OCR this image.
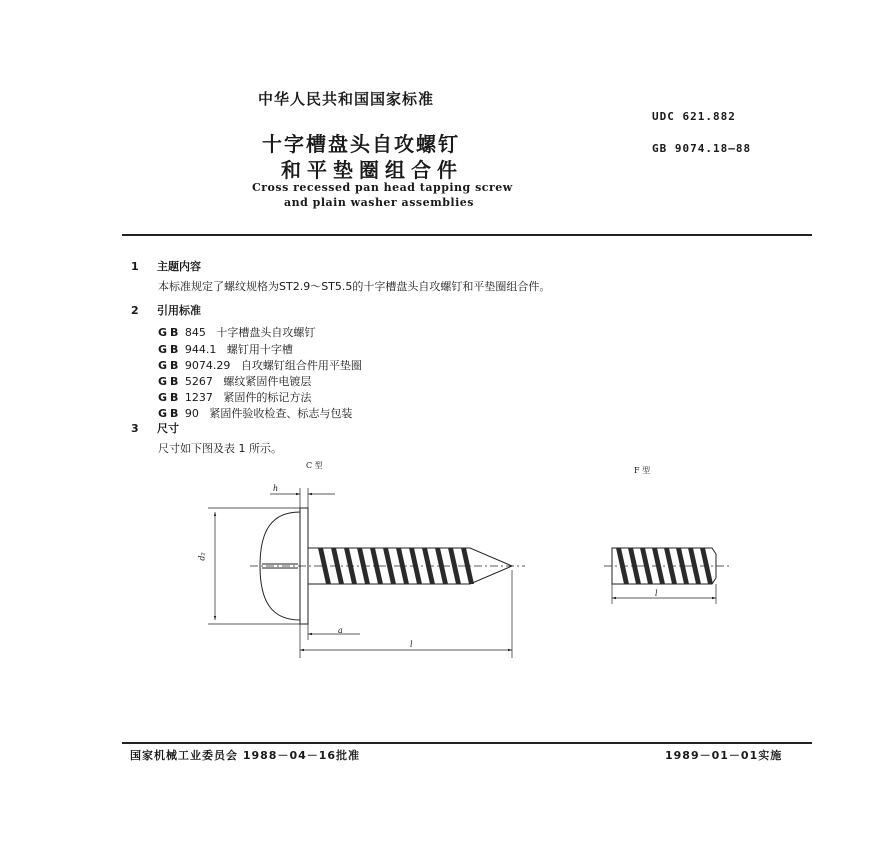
中华人民共和国国家标准
UDC 621.882
GB 9074.18—88
十字槽盘头自攻螺钉
和平垫圈组合件
Cross recessed pan head tapping screw
and plain washer assemblies
1 主题内容
本标准规定了螺纹规格为ST2.9～ST5.5的十字槽盘头自攻螺钉和平垫圈组合件。
2 引用标准
GB 845 十字槽盘头自攻螺钉
GB 944.1 螺钉用十字槽
GB 9074.29 自攻螺钉组合件用平垫圈
GB 5267 螺纹紧固件电镀层
GB 1237 紧固件的标记方法
GB 90 紧固件验收检查、标志与包装
3 尺寸
尺寸如下图及表 1 所示。
C 型
F 型
h
d₂
a
l
l
国家机械工业委员会 1988－04－16批准	1989－01－01实施
